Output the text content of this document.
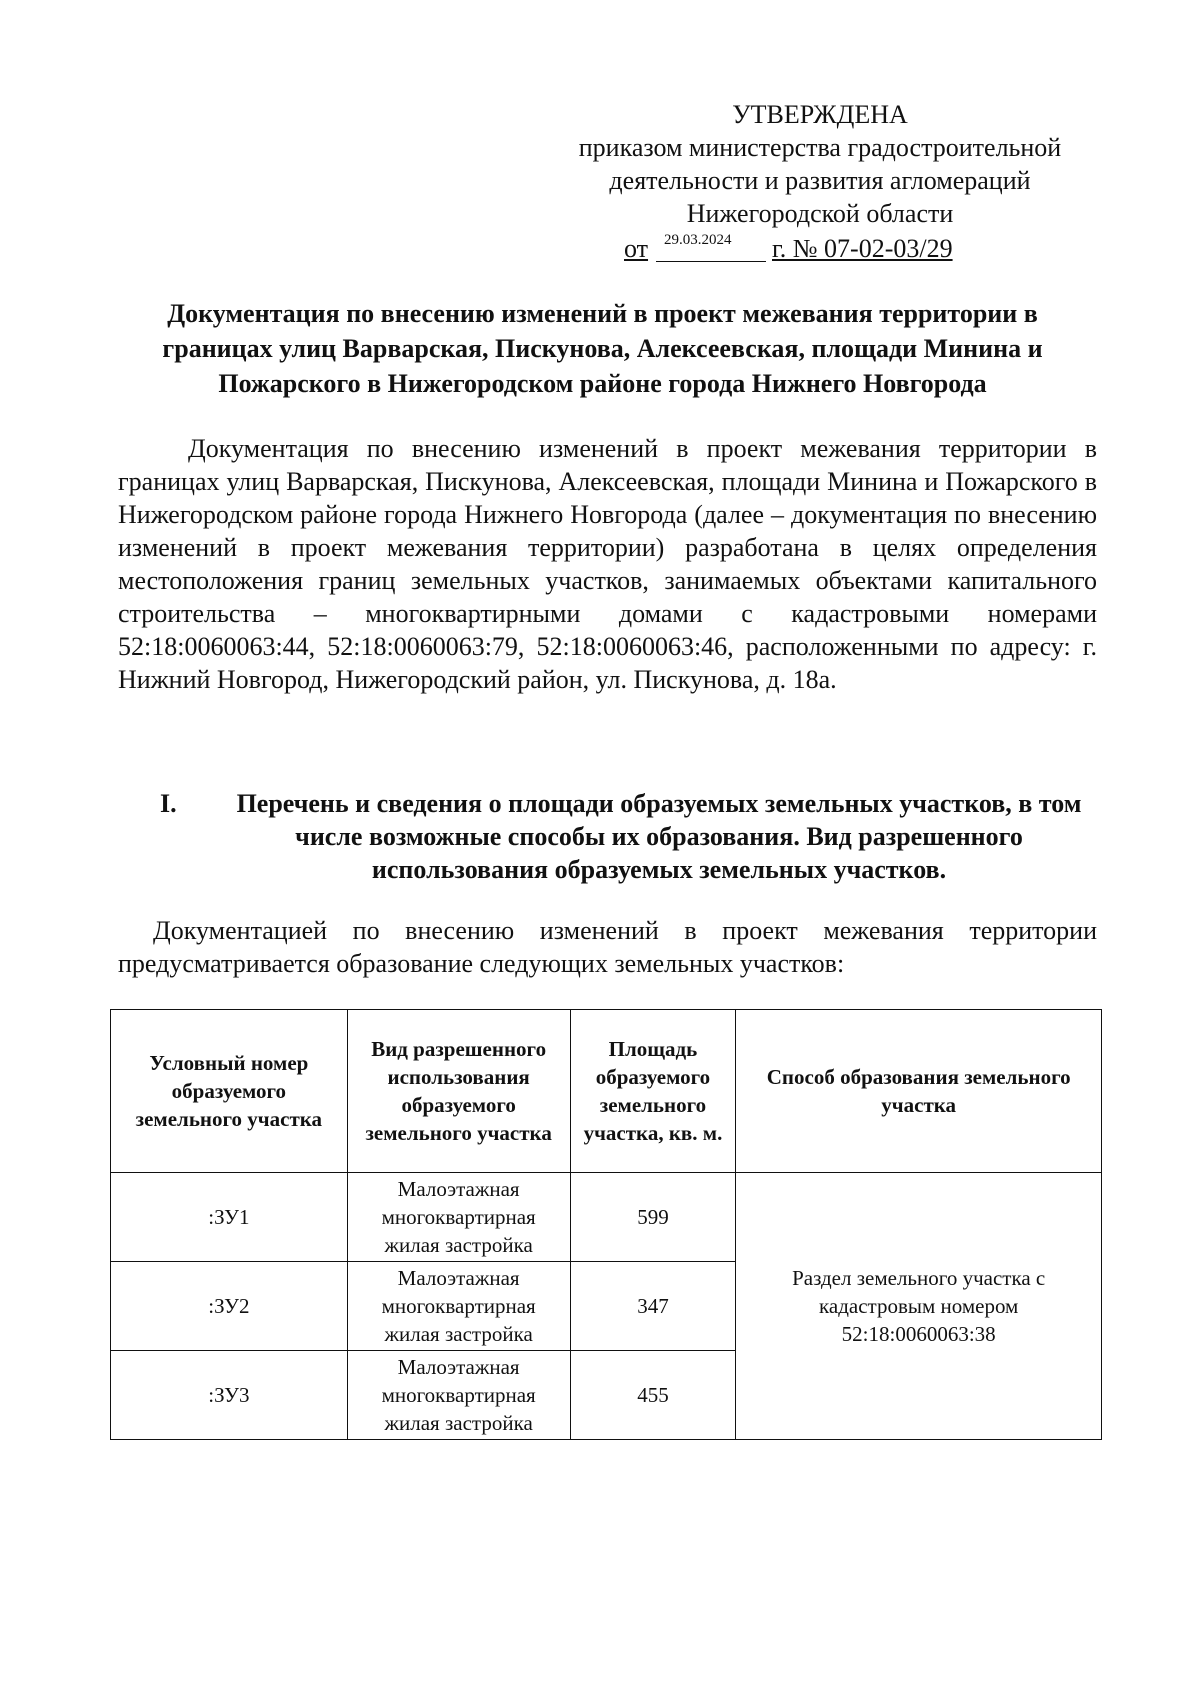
УТВЕРЖДЕНА
приказом министерства градостроительной
деятельности и развития агломераций
Нижегородской области
от 29.03.2024 г. № 07-02-03/29
Документация по внесению изменений в проект межевания территории в границах улиц Варварская, Пискунова, Алексеевская, площади Минина и Пожарского в Нижегородском районе города Нижнего Новгорода

Документация по внесению изменений в проект межевания территории в границах улиц Варварская, Пискунова, Алексеевская, площади Минина и Пожарского в Нижегородском районе города Нижнего Новгорода (далее – документация по внесению изменений в проект межевания территории) разработана в целях определения местоположения границ земельных участков, занимаемых объектами капитального строительства – многоквартирными домами с кадастровыми номерами 52:18:0060063:44, 52:18:0060063:79, 52:18:0060063:46, расположенными по адресу: г. Нижний Новгород, Нижегородский район, ул. Пискунова, д. 18а.

I.	Перечень и сведения о площади образуемых земельных участков, в том числе возможные способы их образования. Вид разрешенного использования образуемых земельных участков.

Документацией по внесению изменений в проект межевания территории предусматривается образование следующих земельных участков:

Условный номер образуемого земельного участка	Вид разрешенного использования образуемого земельного участка	Площадь образуемого земельного участка, кв. м.	Способ образования земельного участка
:ЗУ1	Малоэтажная многоквартирная жилая застройка	599	Раздел земельного участка с кадастровым номером 52:18:0060063:38
:ЗУ2	Малоэтажная многоквартирная жилая застройка	347	
:ЗУ3	Малоэтажная многоквартирная жилая застройка	455	
